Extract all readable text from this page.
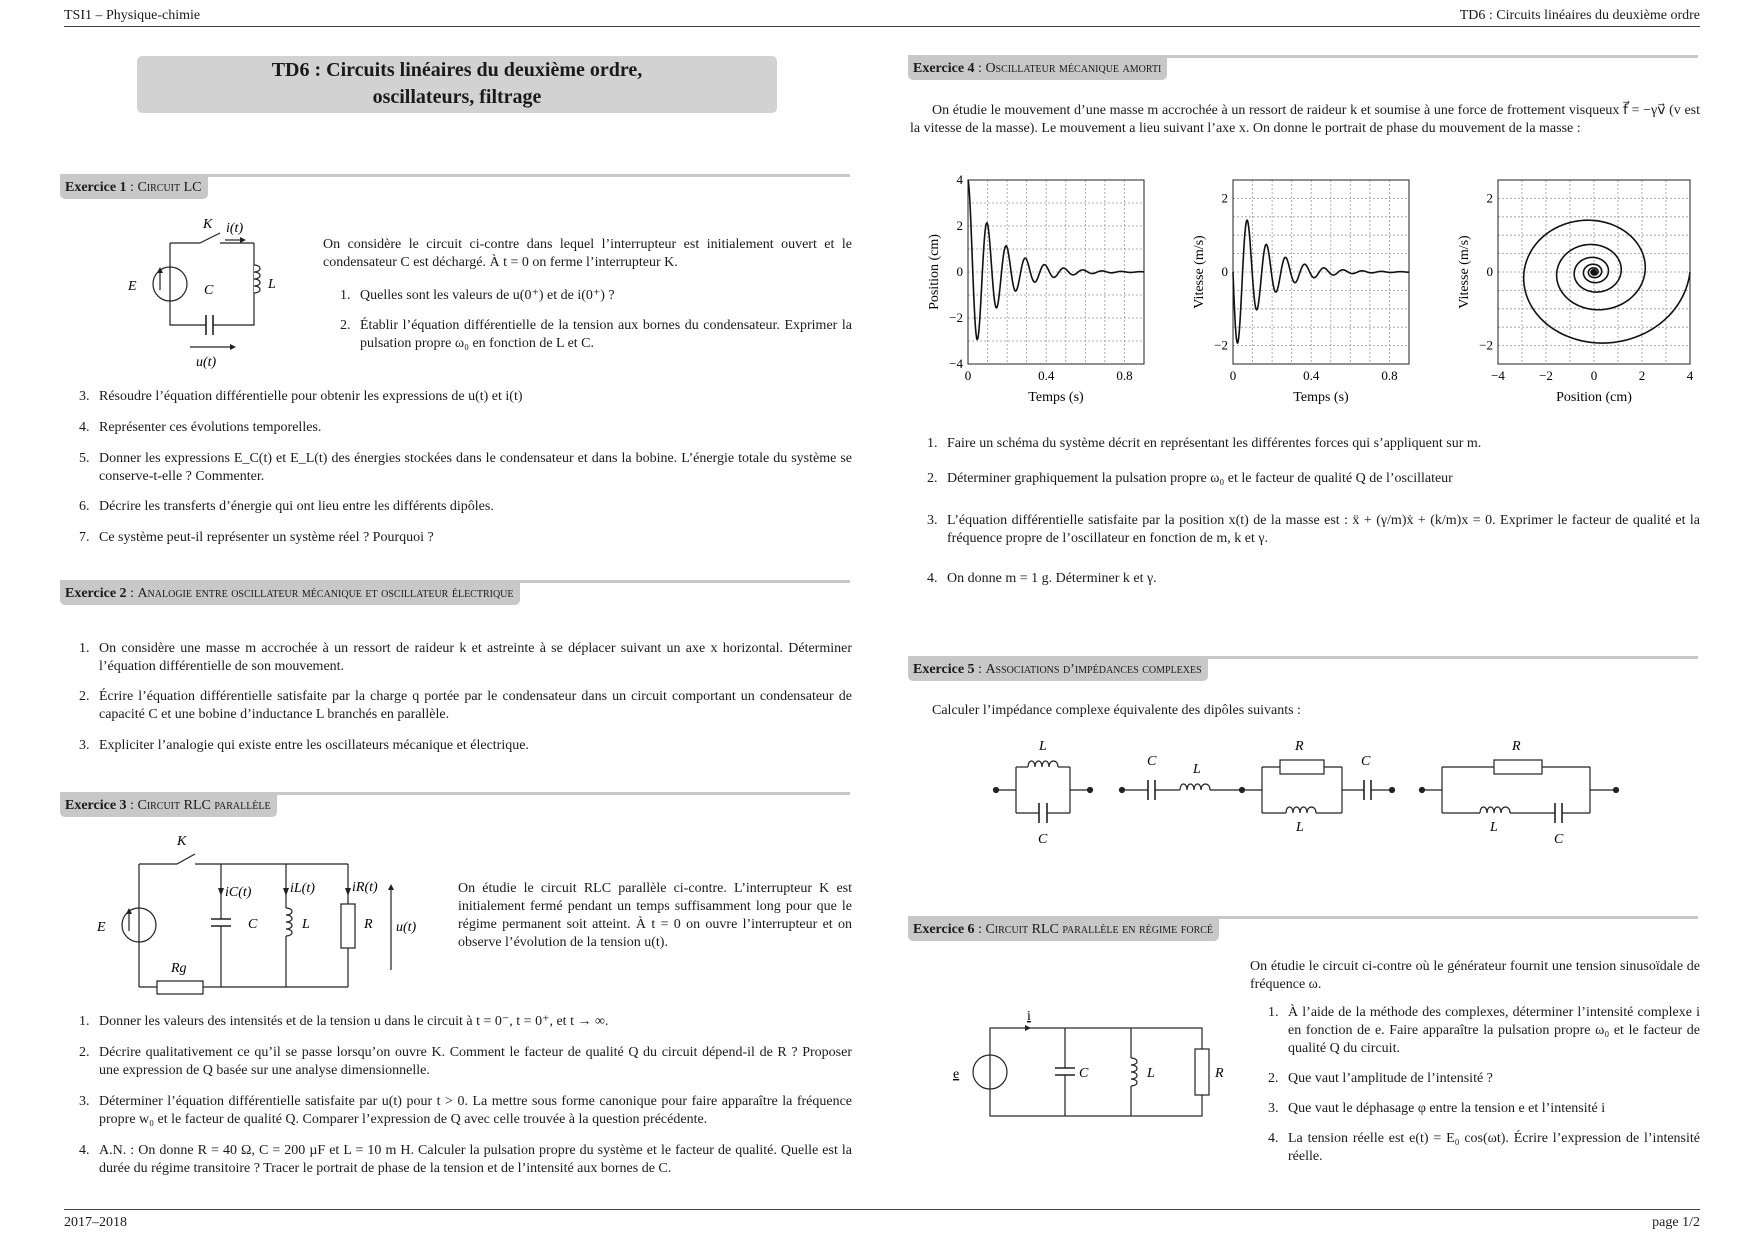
TSI1 – Physique-chimie	TD6 : Circuits linéaires du deuxième ordre
2017–2018	page 1/2
TD6 : Circuits linéaires du deuxième ordre,
oscillateurs, filtrage
Exercice 1 : Circuit LC
K i(t)
E	C	L
u(t)
On considère le circuit ci-contre dans lequel l’interrupteur est initialement ouvert et le condensateur C est déchargé. À t = 0 on ferme l’interrupteur K.
1. Quelles sont les valeurs de u(0⁺) et de i(0⁺) ?
2. Établir l’équation différentielle de la tension aux bornes du condensateur. Exprimer la pulsation propre ω₀ en fonction de L et C.
3. Résoudre l’équation différentielle pour obtenir les expressions de u(t) et i(t)
4. Représenter ces évolutions temporelles.
5. Donner les expressions E_C(t) et E_L(t) des énergies stockées dans le condensateur et dans la bobine. L’énergie totale du système se conserve-t-elle ? Commenter.
6. Décrire les transferts d’énergie qui ont lieu entre les différents dipôles.
7. Ce système peut-il représenter un système réel ? Pourquoi ?
Exercice 2 : Analogie entre oscillateur mécanique et oscillateur électrique
1. On considère une masse m accrochée à un ressort de raideur k et astreinte à se déplacer suivant un axe x horizontal. Déterminer l’équation différentielle de son mouvement.
2. Écrire l’équation différentielle satisfaite par la charge q portée par le condensateur dans un circuit comportant un condensateur de capacité C et une bobine d’inductance L branchés en parallèle.
3. Expliciter l’analogie qui existe entre les oscillateurs mécanique et électrique.
Exercice 3 : Circuit RLC parallèle
K
E
iC(t)	iL(t)	iR(t)
C	L	R u(t)
Rg
On étudie le circuit RLC parallèle ci-contre. L’interrupteur K est initialement fermé pendant un temps suffisamment long pour que le régime permanent soit atteint. À t = 0 on ouvre l’interrupteur et on observe l’évolution de la tension u(t).
1. Donner les valeurs des intensités et de la tension u dans le circuit à t = 0⁻, t = 0⁺, et t → ∞.
2. Décrire qualitativement ce qu’il se passe lorsqu’on ouvre K. Comment le facteur de qualité Q du circuit dépend-il de R ? Proposer une expression de Q basée sur une analyse dimensionnelle.
3. Déterminer l’équation différentielle satisfaite par u(t) pour t > 0. La mettre sous forme canonique pour faire apparaître la fréquence propre w₀ et le facteur de qualité Q. Comparer l’expression de Q avec celle trouvée à la question précédente.
4. A.N. : On donne R = 40 Ω, C = 200 µF et L = 10 m H. Calculer la pulsation propre du système et le facteur de qualité. Quelle est la durée du régime transitoire ? Tracer le portrait de phase de la tension et de l’intensité aux bornes de C.
Exercice 4 : Oscillateur mécanique amorti
On étudie le mouvement d’une masse m accrochée à un ressort de raideur k et soumise à une force de frottement visqueux f⃗ = −γv⃗ (v est la vitesse de la masse). Le mouvement a lieu suivant l’axe x. On donne le portrait de phase du mouvement de la masse :
0	0.4	0.8
−4
−2
0
2
4
Temps (s)
Position (cm)
0	0.4	0.8
−2
0
2
Temps (s)
Vitesse (m/s)
−4	−2	0	2	4
−2
0
2
Position (cm)
Vitesse (m/s)
1. Faire un schéma du système décrit en représentant les différentes forces qui s’appliquent sur m.
2. Déterminer graphiquement la pulsation propre ω₀ et le facteur de qualité Q de l’oscillateur
3. L’équation différentielle satisfaite par la position x(t) de la masse est : ẍ + (γ/m)ẋ + (k/m)x = 0. Exprimer le facteur de qualité et la fréquence propre de l’oscillateur en fonction de m, k et γ.
4. On donne m = 1 g. Déterminer k et γ.
Exercice 5 : Associations d’impédances complexes
Calculer l’impédance complexe équivalente des dipôles suivants :
L
C
C
L
R
C
L
R
L
C
Exercice 6 : Circuit RLC parallèle en régime forcé
On étudie le circuit ci-contre où le générateur fournit une tension sinusoïdale de fréquence ω.
i
e	C	L	R
1. À l’aide de la méthode des complexes, déterminer l’intensité complexe i en fonction de e. Faire apparaître la pulsation propre ω₀ et le facteur de qualité Q du circuit.
2. Que vaut l’amplitude de l’intensité ?
3. Que vaut le déphasage φ entre la tension e et l’intensité i
4. La tension réelle est e(t) = E₀ cos(ωt). Écrire l’expression de l’intensité réelle.
